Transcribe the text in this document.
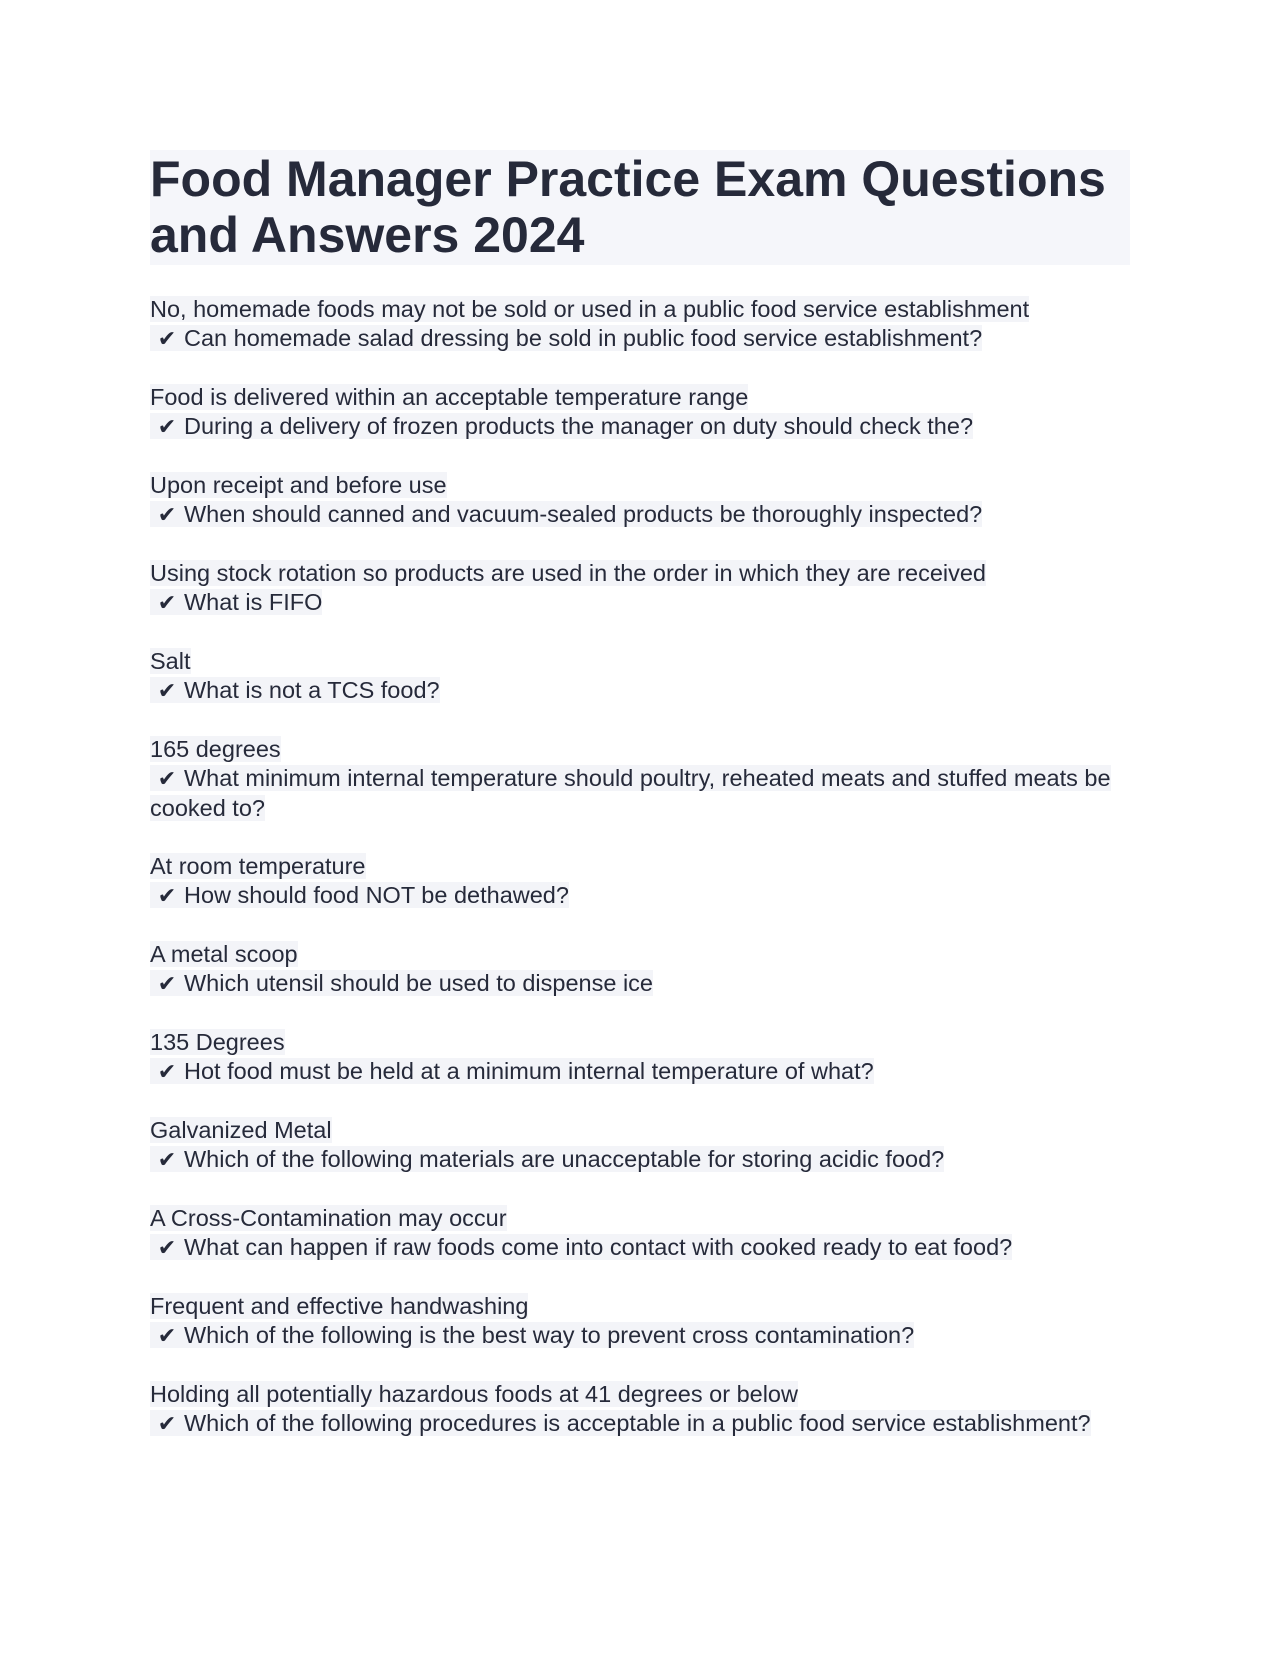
Food Manager Practice Exam Questions and Answers 2024
No, homemade foods may not be sold or used in a public food service establishment
✔ Can homemade salad dressing be sold in public food service establishment?
Food is delivered within an acceptable temperature range
✔ During a delivery of frozen products the manager on duty should check the?
Upon receipt and before use
✔ When should canned and vacuum-sealed products be thoroughly inspected?
Using stock rotation so products are used in the order in which they are received
✔ What is FIFO
Salt
✔ What is not a TCS food?
165 degrees
✔ What minimum internal temperature should poultry, reheated meats and stuffed meats be cooked to?
At room temperature
✔ How should food NOT be dethawed?
A metal scoop
✔ Which utensil should be used to dispense ice
135 Degrees
✔ Hot food must be held at a minimum internal temperature of what?
Galvanized Metal
✔ Which of the following materials are unacceptable for storing acidic food?
A Cross-Contamination may occur
✔ What can happen if raw foods come into contact with cooked ready to eat food?
Frequent and effective handwashing
✔ Which of the following is the best way to prevent cross contamination?
Holding all potentially hazardous foods at 41 degrees or below
✔ Which of the following procedures is acceptable in a public food service establishment?
